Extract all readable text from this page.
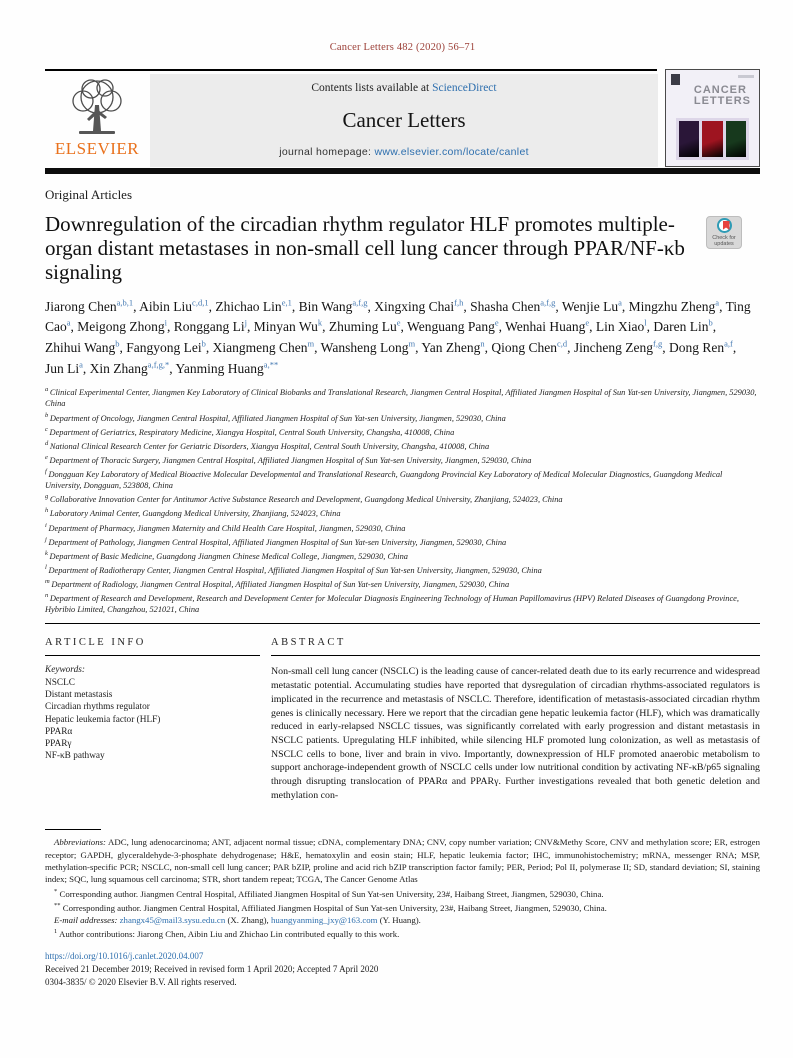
Cancer Letters 482 (2020) 56–71
ELSEVIER
Contents lists available at ScienceDirect
Cancer Letters
journal homepage: www.elsevier.com/locate/canlet
CANCER
LETTERS
Original Articles
Downregulation of the circadian rhythm regulator HLF promotes multiple-organ distant metastases in non-small cell lung cancer through PPAR/NF-κb signaling
Check for updates
Jiarong Chen$^{a,b,1}$, Aibin Liu$^{c,d,1}$, Zhichao Lin$^{e,1}$, Bin Wang$^{a,f,g}$, Xingxing Chai$^{f,h}$, Shasha Chen$^{a,f,g}$, Wenjie Lu$^a$, Mingzhu Zheng$^a$, Ting Cao$^a$, Meigong Zhong$^i$, Ronggang Li$^j$, Minyan Wu$^k$, Zhuming Lu$^e$, Wenguang Pang$^e$, Wenhai Huang$^e$, Lin Xiao$^l$, Daren Lin$^b$, Zhihui Wang$^b$, Fangyong Lei$^b$, Xiangmeng Chen$^m$, Wansheng Long$^m$, Yan Zheng$^n$, Qiong Chen$^{c,d}$, Jincheng Zeng$^{f,g}$, Dong Ren$^{a,f}$, Jun Li$^a$, Xin Zhang$^{a,f,g,*}$, Yanming Huang$^{a,**}$
$^a$ Clinical Experimental Center, Jiangmen Key Laboratory of Clinical Biobanks and Translational Research, Jiangmen Central Hospital, Affiliated Jiangmen Hospital of Sun Yat-sen University, Jiangmen, 529030, China
$^b$ Department of Oncology, Jiangmen Central Hospital, Affiliated Jiangmen Hospital of Sun Yat-sen University, Jiangmen, 529030, China
$^c$ Department of Geriatrics, Respiratory Medicine, Xiangya Hospital, Central South University, Changsha, 410008, China
$^d$ National Clinical Research Center for Geriatric Disorders, Xiangya Hospital, Central South University, Changsha, 410008, China
$^e$ Department of Thoracic Surgery, Jiangmen Central Hospital, Affiliated Jiangmen Hospital of Sun Yat-sen University, Jiangmen, 529030, China
$^f$ Dongguan Key Laboratory of Medical Bioactive Molecular Developmental and Translational Research, Guangdong Provincial Key Laboratory of Medical Molecular Diagnostics, Guangdong Medical University, Dongguan, 523808, China
$^g$ Collaborative Innovation Center for Antitumor Active Substance Research and Development, Guangdong Medical University, Zhanjiang, 524023, China
$^h$ Laboratory Animal Center, Guangdong Medical University, Zhanjiang, 524023, China
$^i$ Department of Pharmacy, Jiangmen Maternity and Child Health Care Hospital, Jiangmen, 529030, China
$^j$ Department of Pathology, Jiangmen Central Hospital, Affiliated Jiangmen Hospital of Sun Yat-sen University, Jiangmen, 529030, China
$^k$ Department of Basic Medicine, Guangdong Jiangmen Chinese Medical College, Jiangmen, 529030, China
$^l$ Department of Radiotherapy Center, Jiangmen Central Hospital, Affiliated Jiangmen Hospital of Sun Yat-sen University, Jiangmen, 529030, China
$^m$ Department of Radiology, Jiangmen Central Hospital, Affiliated Jiangmen Hospital of Sun Yat-sen University, Jiangmen, 529030, China
$^n$ Department of Research and Development, Research and Development Center for Molecular Diagnosis Engineering Technology of Human Papillomavirus (HPV) Related Diseases of Guangdong Province, Hybribio Limited, Changzhou, 521021, China
ARTICLE INFO
Keywords:
NSCLC
Distant metastasis
Circadian rhythms regulator
Hepatic leukemia factor (HLF)
PPARα
PPARγ
NF-κB pathway
ABSTRACT
Non-small cell lung cancer (NSCLC) is the leading cause of cancer-related death due to its early recurrence and widespread metastatic potential. Accumulating studies have reported that dysregulation of circadian rhythms-associated regulators is implicated in the recurrence and metastasis of NSCLC. Therefore, identification of metastasis-associated circadian rhythm genes is clinically necessary. Here we report that the circadian gene hepatic leukemia factor (HLF), which was dramatically reduced in early-relapsed NSCLC tissues, was significantly correlated with early progression and distant metastasis in NSCLC patients. Upregulating HLF inhibited, while silencing HLF promoted lung colonization, as well as metastasis of NSCLC cells to bone, liver and brain in vivo. Importantly, downexpression of HLF promoted anaerobic metabolism to support anchorage-independent growth of NSCLC cells under low nutritional condition by activating NF-κB/p65 signaling through disrupting translocation of PPARα and PPARγ. Further investigations revealed that both genetic deletion and methylation con-
Abbreviations: ADC, lung adenocarcinoma; ANT, adjacent normal tissue; cDNA, complementary DNA; CNV, copy number variation; CNV&Methy Score, CNV and methylation score; ER, estrogen receptor; GAPDH, glyceraldehyde-3-phosphate dehydrogenase; H&E, hematoxylin and eosin stain; HLF, hepatic leukemia factor; IHC, immunohistochemistry; mRNA, messenger RNA; MSP, methylation-specific PCR; NSCLC, non-small cell lung cancer; PAR bZIP, proline and acid rich bZIP transcription factor family; PER, Period; Pol II, polymerase II; SD, standard deviation; SI, staining index; SQC, lung squamous cell carcinoma; STR, short tandem repeat; TCGA, The Cancer Genome Atlas
* Corresponding author. Jiangmen Central Hospital, Affiliated Jiangmen Hospital of Sun Yat-sen University, 23#, Haibang Street, Jiangmen, 529030, China.
** Corresponding author. Jiangmen Central Hospital, Affiliated Jiangmen Hospital of Sun Yat-sen University, 23#, Haibang Street, Jiangmen, 529030, China.
E-mail addresses: zhangx45@mail3.sysu.edu.cn (X. Zhang), huangyanming_jxy@163.com (Y. Huang).
$^1$ Author contributions: Jiarong Chen, Aibin Liu and Zhichao Lin contributed equally to this work.
https://doi.org/10.1016/j.canlet.2020.04.007
Received 21 December 2019; Received in revised form 1 April 2020; Accepted 7 April 2020
0304-3835/ © 2020 Elsevier B.V. All rights reserved.
